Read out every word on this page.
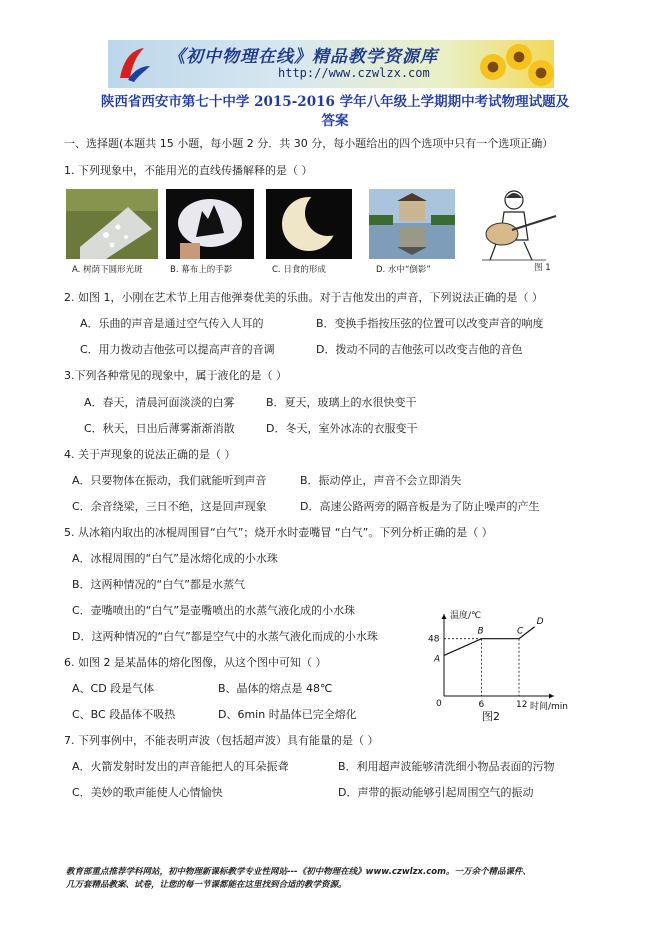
《初中物理在线》精品教学资源库
http://www.czwlzx.com
陕西省西安市第七十中学 2015-2016 学年八年级上学期期中考试物理试题及
答案
一、选择题(本题共 15 小题，每小题 2 分．共 30 分，每小题给出的四个选项中只有一个选项正确）
1. 下列现象中，不能用光的直线传播解释的是（ ）
A. 树荫下圆形光斑	B. 幕布上的手影	C. 日食的形成	D. 水中“倒影”	图 1
2. 如图 1，小刚在艺术节上用吉他弹奏优美的乐曲。对于吉他发出的声音，下列说法正确的是（ ）
A．乐曲的声音是通过空气传入人耳的	B．变换手指按压弦的位置可以改变声音的响度
C．用力拨动吉他弦可以提高声音的音调	D．拨动不同的吉他弦可以改变吉他的音色
3.下列各种常见的现象中，属于液化的是（ ）
A．春天，清晨河面淡淡的白雾	B．夏天，玻璃上的水很快变干
C．秋天，日出后薄雾渐渐消散	D．冬天，室外冰冻的衣服变干
4. 关于声现象的说法正确的是（ ）
A．只要物体在振动，我们就能听到声音	B．振动停止，声音不会立即消失
C．余音绕梁，三日不绝，这是回声现象	D．高速公路两旁的隔音板是为了防止噪声的产生
5. 从冰箱内取出的冰棍周围冒“白气”；烧开水时壶嘴冒 “白气”。下列分析正确的是（ ）
A．冰棍周围的“白气”是冰熔化成的小水珠
B．这两种情况的“白气”都是水蒸气
C．壶嘴喷出的“白气”是壶嘴喷出的水蒸气液化成的小水珠
D．这两种情况的“白气”都是空气中的水蒸气液化而成的小水珠
温度/℃
时间/min
0
48
6	12
A
B	C
D
图2
6. 如图 2 是某晶体的熔化图像，从这个图中可知（ ）
A、CD 段是气体	B、晶体的熔点是 48℃
C、BC 段晶体不吸热	D、6min 时晶体已完全熔化
7. 下列事例中，不能表明声波（包括超声波）具有能量的是（ ）
A．火箭发射时发出的声音能把人的耳朵振聋	B．利用超声波能够清洗细小物品表面的污物
C．美妙的歌声能使人心情愉快	D．声带的振动能够引起周围空气的振动
教育部重点推荐学科网站，初中物理新课标教学专业性网站---《初中物理在线》www.czwlzx.com。一万余个精品课件、
几万套精品教案、试卷，让您的每一节课都能在这里找到合适的教学资源。
